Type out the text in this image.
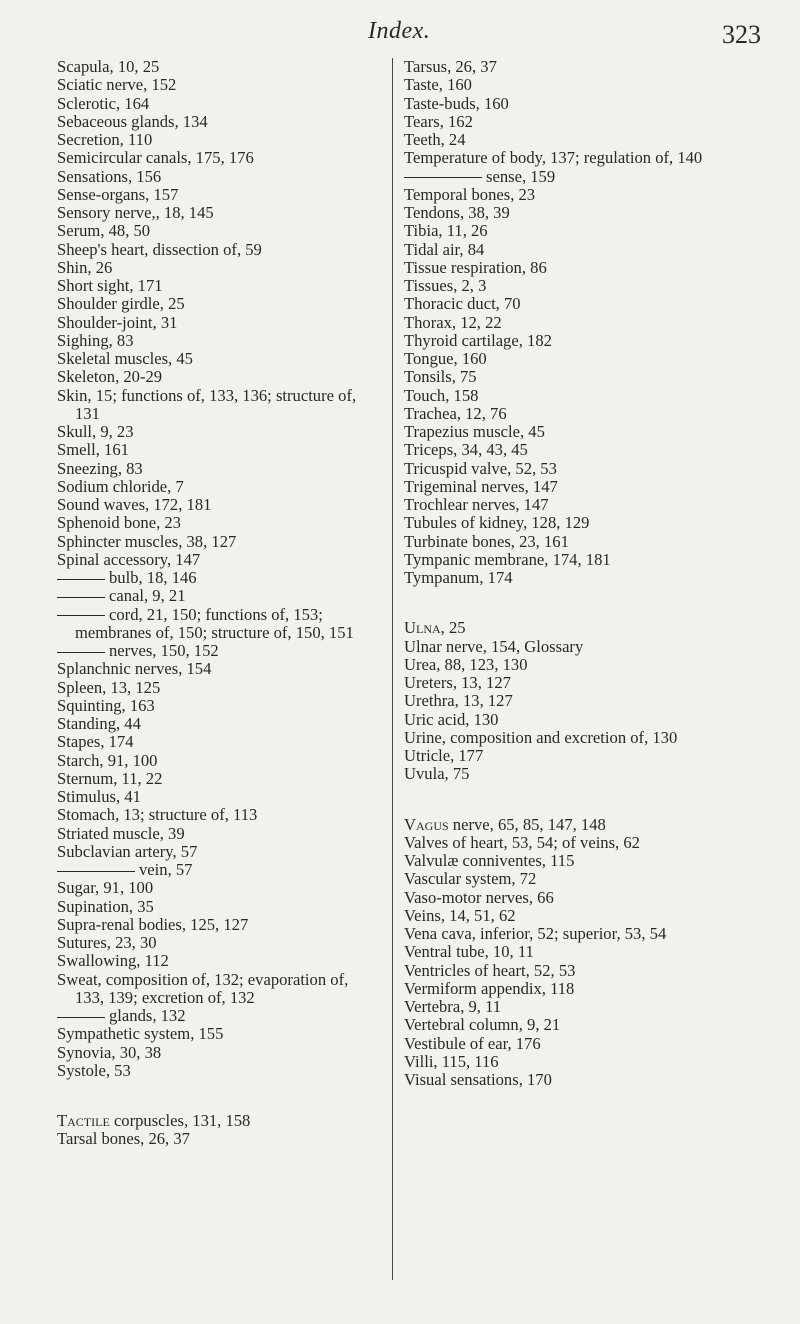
Index.	323

Scapula, 10, 25

Sciatic nerve, 152

Sclerotic, 164

Sebaceous glands, 134

Secretion, 110

Semicircular canals, 175, 176

Sensations, 156

Sense-organs, 157

Sensory nerve,, 18, 145

Serum, 48, 50

Sheep's heart, dissection of, 59

Shin, 26

Short sight, 171

Shoulder girdle, 25

Shoulder-joint, 31

Sighing, 83

Skeletal muscles, 45

Skeleton, 20-29

Skin, 15; functions of, 133, 136; structure of, 131

Skull, 9, 23

Smell, 161

Sneezing, 83

Sodium chloride, 7

Sound waves, 172, 181

Sphenoid bone, 23

Sphincter muscles, 38, 127

Spinal accessory, 147

bulb, 18, 146

canal, 9, 21

cord, 21, 150; functions of, 153; membranes of, 150; structure of, 150, 151

nerves, 150, 152

Splanchnic nerves, 154

Spleen, 13, 125

Squinting, 163

Standing, 44

Stapes, 174

Starch, 91, 100

Sternum, 11, 22

Stimulus, 41

Stomach, 13; structure of, 113

Striated muscle, 39

Subclavian artery, 57

vein, 57

Sugar, 91, 100

Supination, 35

Supra-renal bodies, 125, 127

Sutures, 23, 30

Swallowing, 112

Sweat, composition of, 132; evaporation of, 133, 139; excretion of, 132

glands, 132

Sympathetic system, 155

Synovia, 30, 38

Systole, 53

Tactile corpuscles, 131, 158

Tarsal bones, 26, 37

Tarsus, 26, 37

Taste, 160

Taste-buds, 160

Tears, 162

Teeth, 24

Temperature of body, 137; regulation of, 140

sense, 159

Temporal bones, 23

Tendons, 38, 39

Tibia, 11, 26

Tidal air, 84

Tissue respiration, 86

Tissues, 2, 3

Thoracic duct, 70

Thorax, 12, 22

Thyroid cartilage, 182

Tongue, 160

Tonsils, 75

Touch, 158

Trachea, 12, 76

Trapezius muscle, 45

Triceps, 34, 43, 45

Tricuspid valve, 52, 53

Trigeminal nerves, 147

Trochlear nerves, 147

Tubules of kidney, 128, 129

Turbinate bones, 23, 161

Tympanic membrane, 174, 181

Tympanum, 174

Ulna, 25

Ulnar nerve, 154, Glossary

Urea, 88, 123, 130

Ureters, 13, 127

Urethra, 13, 127

Uric acid, 130

Urine, composition and excretion of, 130

Utricle, 177

Uvula, 75

Vagus nerve, 65, 85, 147, 148

Valves of heart, 53, 54; of veins, 62

Valvulæ conniventes, 115

Vascular system, 72

Vaso-motor nerves, 66

Veins, 14, 51, 62

Vena cava, inferior, 52; superior, 53, 54

Ventral tube, 10, 11

Ventricles of heart, 52, 53

Vermiform appendix, 118

Vertebra, 9, 11

Vertebral column, 9, 21

Vestibule of ear, 176

Villi, 115, 116

Visual sensations, 170
